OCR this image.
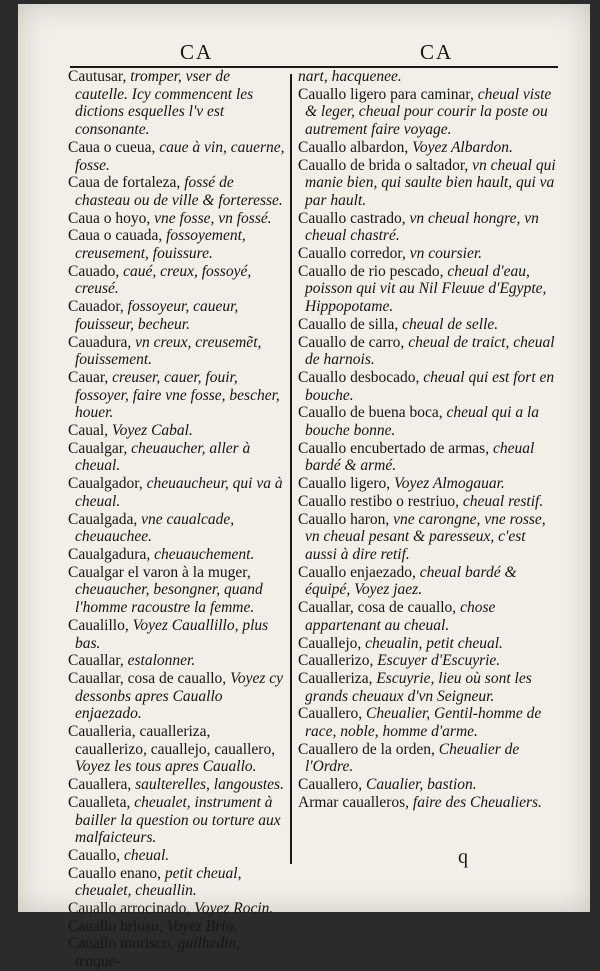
CA	CA

Cautusar, tromper, vser de cautelle. Icy commencent les dictions esquelles l'v est consonante.

Caua o cueua, caue à vin, cauerne, fosse.

Caua de fortaleza, fossé de chasteau ou de ville & forteresse.

Caua o hoyo, vne fosse, vn fossé.

Caua o cauada, fossoyement, creusement, fouissure.

Cauado, caué, creux, fossoyé, creusé.

Cauador, fossoyeur, caueur, fouisseur, becheur.

Cauadura, vn creux, creusemẽt, fouissement.

Cauar, creuser, cauer, fouir, fossoyer, faire vne fosse, bescher, houer.

Caual, Voyez Cabal.

Caualgar, cheuaucher, aller à cheual.

Caualgador, cheuaucheur, qui va à cheual.

Caualgada, vne caualcade, cheuauchee.

Caualgadura, cheuauchement.

Caualgar el varon à la muger, cheuaucher, besongner, quand l'homme racoustre la femme.

Caualillo, Voyez Cauallillo, plus bas.

Cauallar, estalonner.

Cauallar, cosa de cauallo, Voyez cy dessonbs apres Cauallo enjaezado.

Caualleria, caualleriza, cauallerizo, cauallejo, cauallero, Voyez les tous apres Cauallo.

Cauallera, saulterelles, langoustes.

Caualleta, cheualet, instrument à bailler la question ou torture aux malfaicteurs.

Cauallo, cheual.

Cauallo enano, petit cheual, cheualet, cheuallin.

Cauallo arrocinado, Voyez Rocin.

Cauallo brioso, Voyez Brio.

Cauallo morisco, guilhedin, traque-

nart, hacquenee.

Cauallo ligero para caminar, cheual viste & leger, cheual pour courir la poste ou autrement faire voyage.

Cauallo albardon, Voyez Albardon.

Cauallo de brida o saltador, vn cheual qui manie bien, qui saulte bien hault, qui va par hault.

Cauallo castrado, vn cheual hongre, vn cheual chastré.

Cauallo corredor, vn coursier.

Cauallo de rio pescado, cheual d'eau, poisson qui vit au Nil Fleuue d'Egypte, Hippopotame.

Cauallo de silla, cheual de selle.

Cauallo de carro, cheual de traict, cheual de harnois.

Cauallo desbocado, cheual qui est fort en bouche.

Cauallo de buena boca, cheual qui a la bouche bonne.

Cauallo encubertado de armas, cheual bardé & armé.

Cauallo ligero, Voyez Almogauar.

Cauallo restibo o restriuo, cheual restif.

Cauallo haron, vne carongne, vne rosse, vn cheual pesant & paresseux, c'est aussi à dire retif.

Cauallo enjaezado, cheual bardé & équipé, Voyez jaez.

Cauallar, cosa de cauallo, chose appartenant au cheual.

Cauallejo, cheualin, petit cheual.

Cauallerizo, Escuyer d'Escuyrie.

Caualleriza, Escuyrie, lieu où sont les grands cheuaux d'vn Seigneur.

Cauallero, Cheualier, Gentil-homme de race, noble, homme d'arme.

Cauallero de la orden, Cheualier de l'Ordre.

Cauallero, Caualier, bastion.

Armar caualleros, faire des Cheualiers.

q
